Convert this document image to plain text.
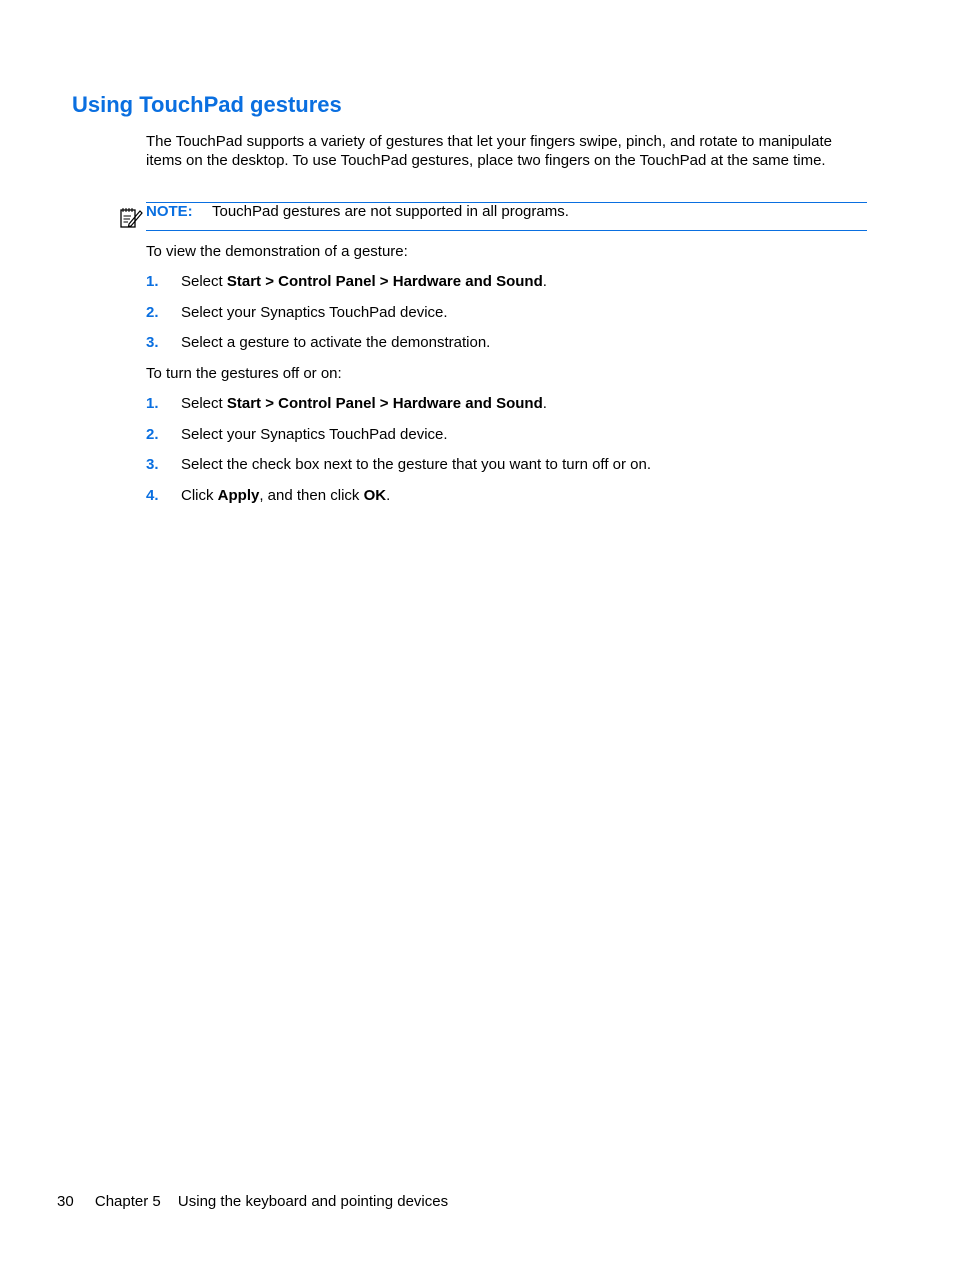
Using TouchPad gestures

The TouchPad supports a variety of gestures that let your fingers swipe, pinch, and rotate to manipulate items on the desktop. To use TouchPad gestures, place two fingers on the TouchPad at the same time.

NOTE: TouchPad gestures are not supported in all programs.

To view the demonstration of a gesture:

1. Select Start > Control Panel > Hardware and Sound.
2. Select your Synaptics TouchPad device.
3. Select a gesture to activate the demonstration.

To turn the gestures off or on:

1. Select Start > Control Panel > Hardware and Sound.
2. Select your Synaptics TouchPad device.
3. Select the check box next to the gesture that you want to turn off or on.
4. Click Apply, and then click OK.
30 Chapter 5 Using the keyboard and pointing devices
